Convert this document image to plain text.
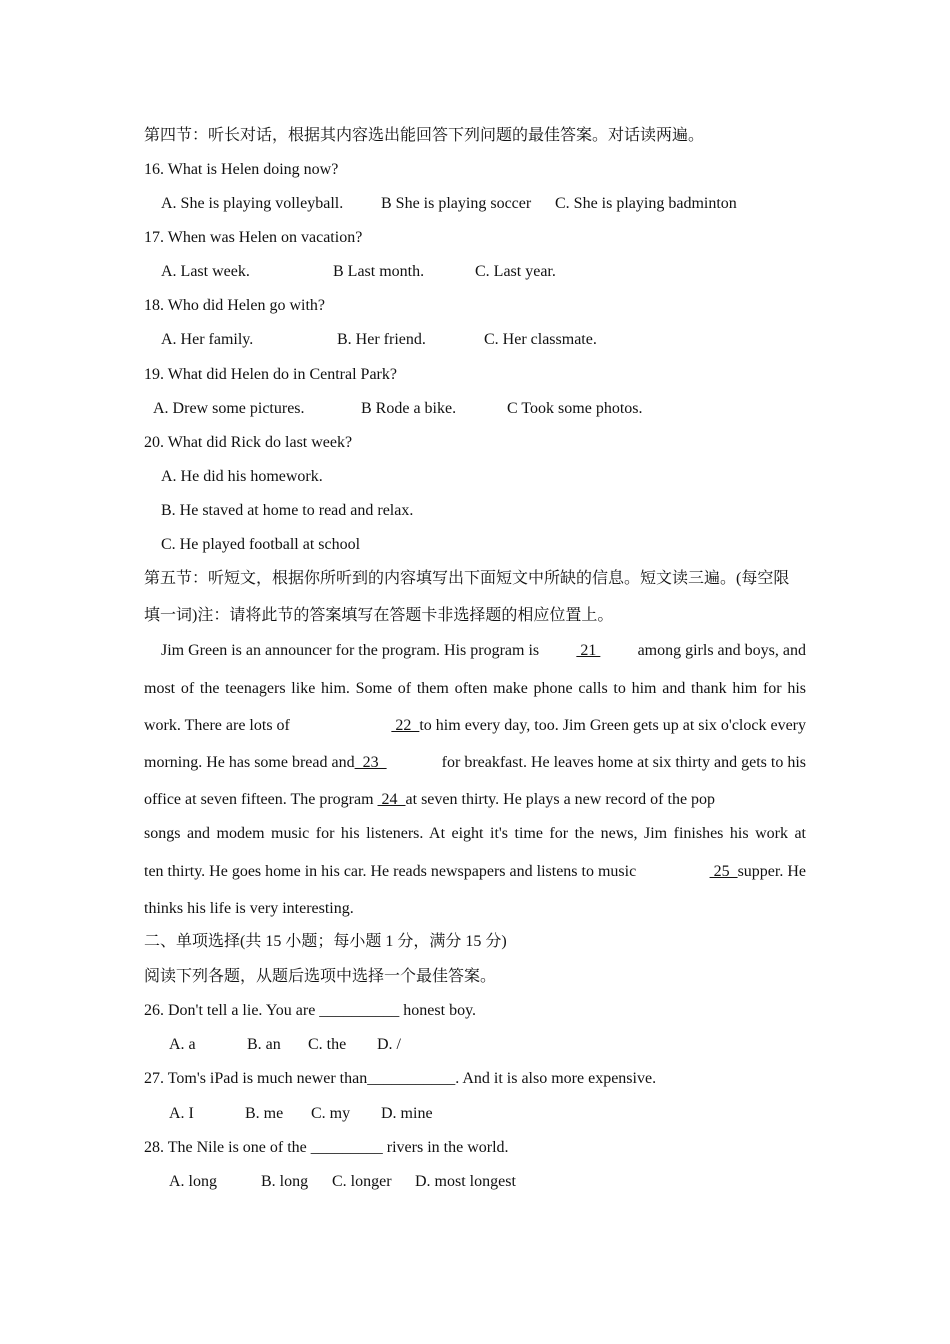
第四节：听长对话，根据其内容选出能回答下列问题的最佳答案。对话读两遍。
16. What is Helen doing now?
A. She is playing volleyball. B She is playing soccer C. She is playing badminton
17. When was Helen on vacation?
A. Last week.	B Last month.	C. Last year.
18. Who did Helen go with?
A. Her family.	B. Her friend.	C. Her classmate.
19. What did Helen do in Central Park?
A. Drew some pictures.	B Rode a bike.	C Took some photos.
20. What did Rick do last week?
A. He did his homework.
B. He staved at home to read and relax.
C. He played football at school
第五节：听短文，根据你所听到的内容填写出下面短文中所缺的信息。短文读三遍。(每空限
填一词)注：请将此节的答案填写在答题卡非选择题的相应位置上。
Jim Green is an announcer for the program. His program is 21 among girls and boys, and
most of the teenagers like him. Some of them often make phone calls to him and thank him for his
work. There are lots of	22 to him every day, too. Jim Green gets up at six o'clock every
morning. He has some bread and 23	for breakfast. He leaves home at six thirty and gets to his
office at seven fifteen. The program  24  at seven thirty. He plays a new record of the pop
songs and modem music for his listeners. At eight it's time for the news, Jim finishes his work at
ten thirty. He goes home in his car. He reads newspapers and listens to music	25 supper. He
thinks his life is very interesting.
二、单项选择(共 15 小题；每小题 1 分，满分 15 分)
阅读下列各题，从题后选项中选择一个最佳答案。
26. Don't tell a lie. You are __________ honest boy.
A. a	B. an C. the D. /
27. Tom's iPad is much newer than___________. And it is also more expensive.
A. I	B. me C. my D. mine
28. The Nile is one of the _________ rivers in the world.
A. long	B. long C. longer D. most longest
